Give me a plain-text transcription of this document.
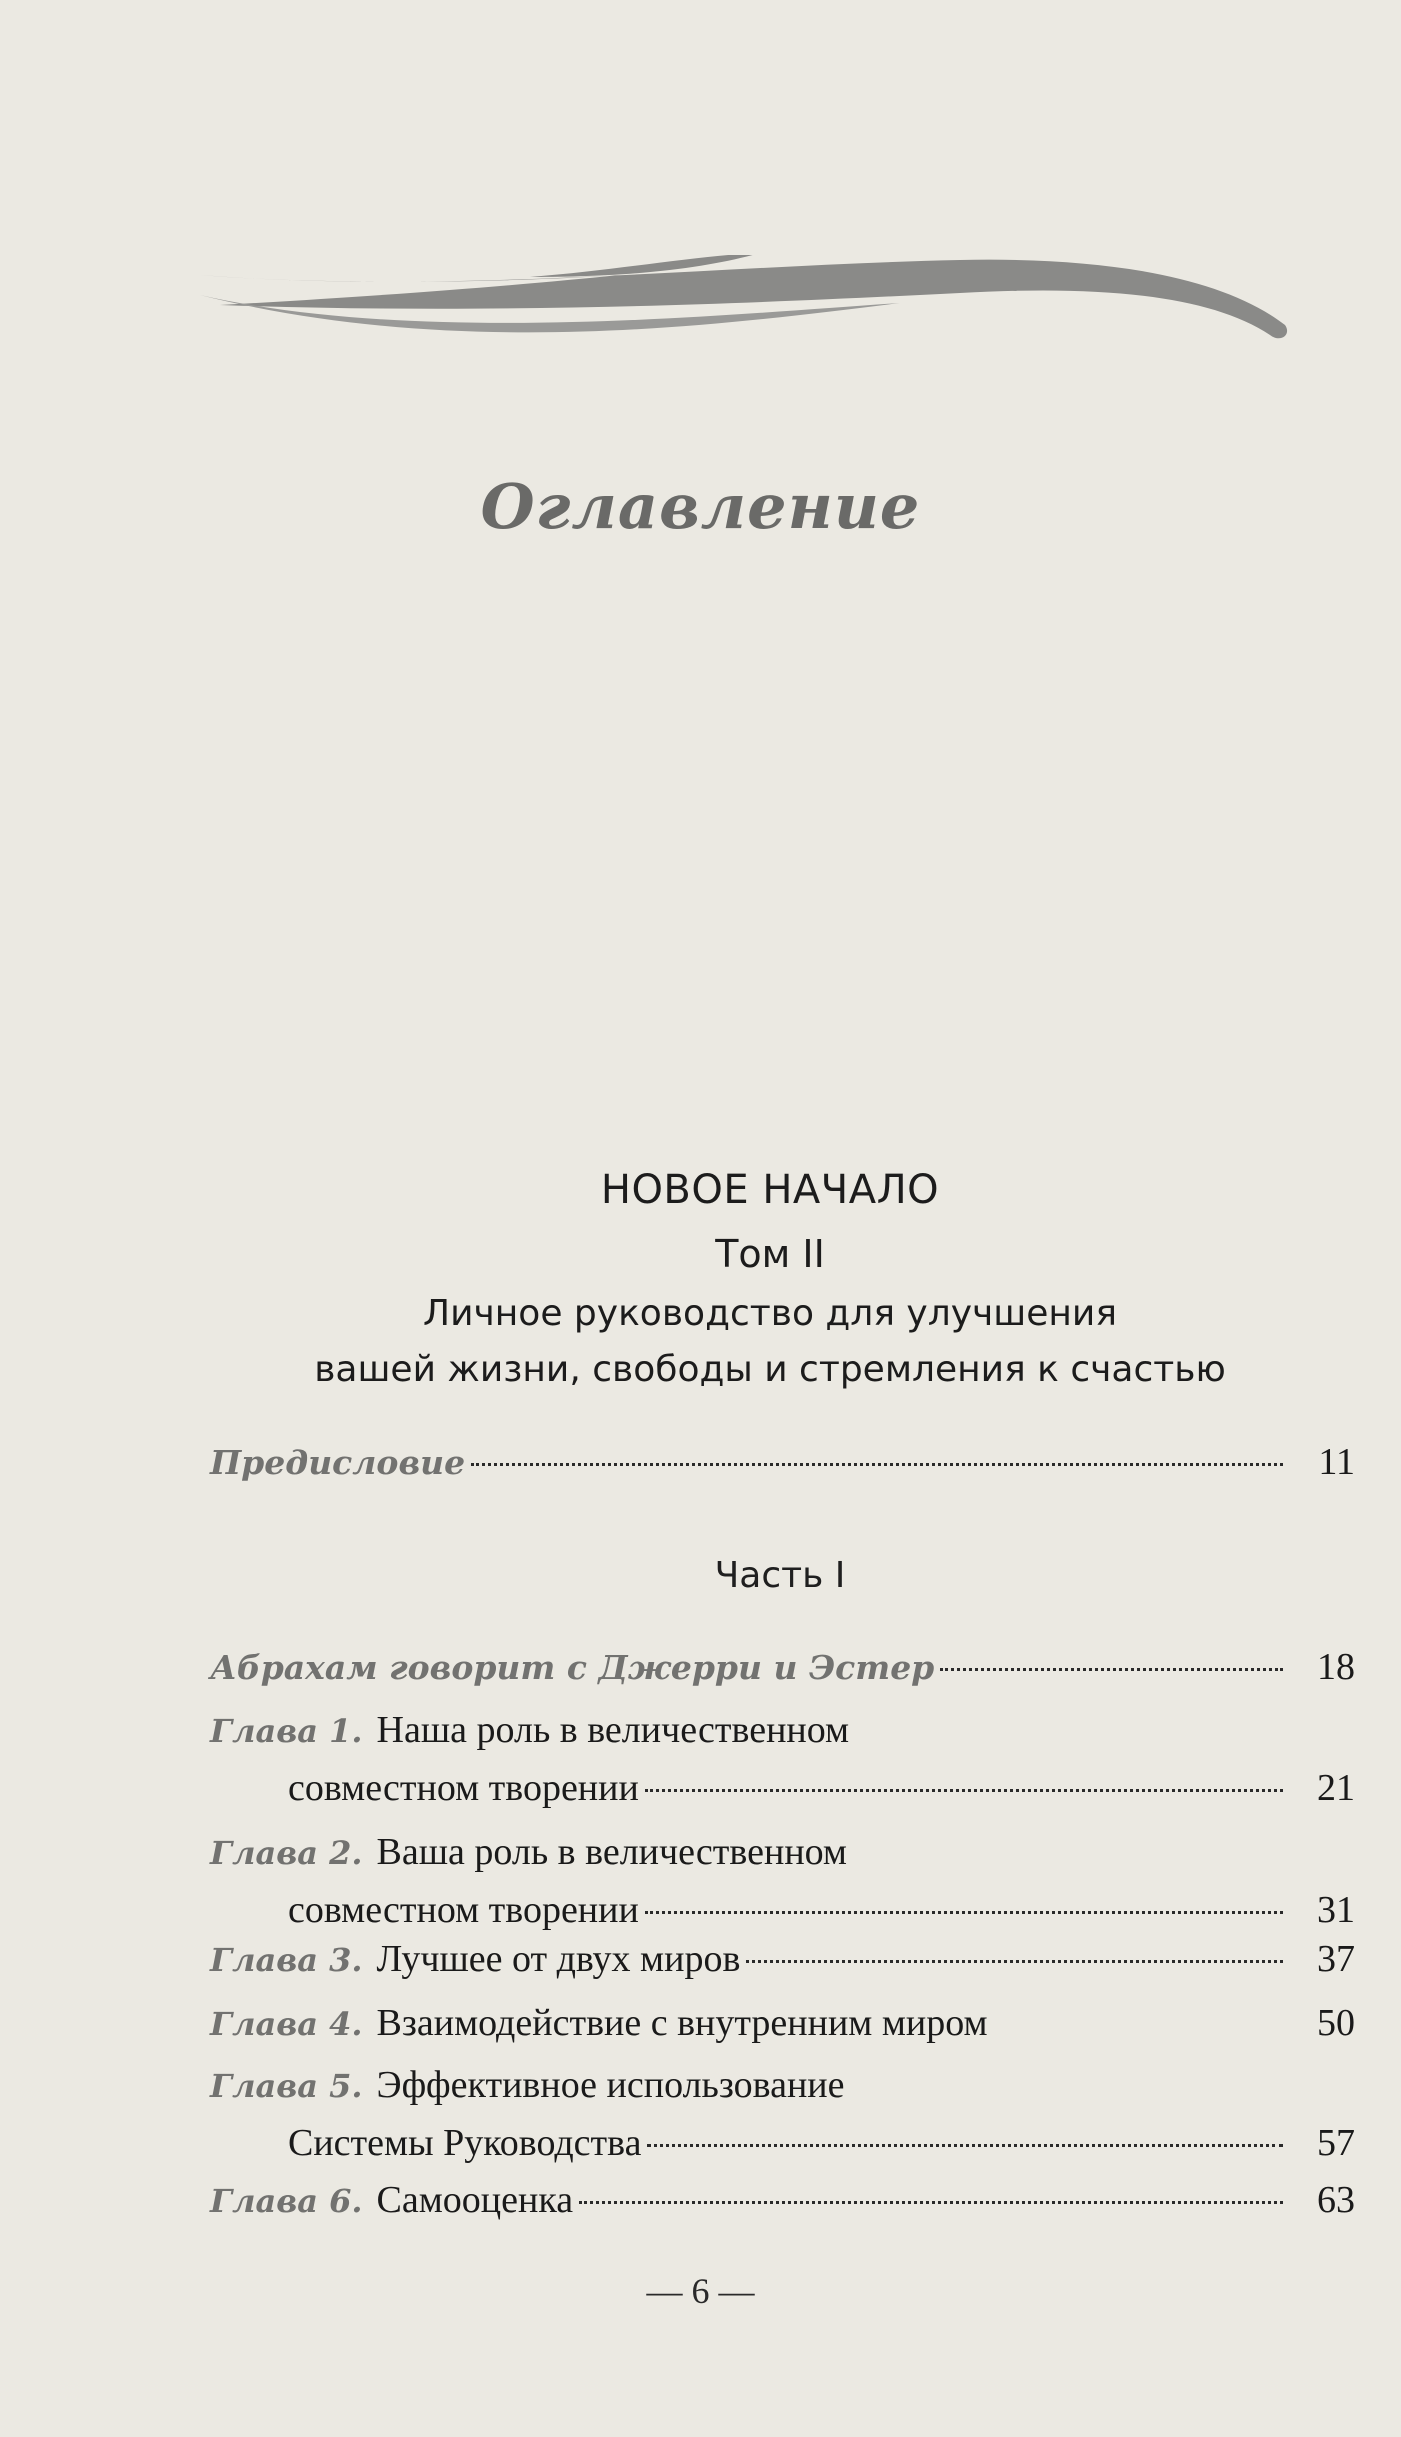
Оглавление
НОВОЕ НАЧАЛО
Том II
Личное руководство для улучшения
вашей жизни, свободы и стремления к счастью
Предисловие	11
Часть I
Абрахам говорит с Джерри и Эстер	18
Глава 1. Наша роль в величественном
совместном творении	21
Глава 2. Ваша роль в величественном
совместном творении	31
Глава 3. Лучшее от двух миров	37
Глава 4. Взаимодействие с внутренним миром	50
Глава 5. Эффективное использование
Системы Руководства	57
Глава 6. Самооценка	63
— 6 —
